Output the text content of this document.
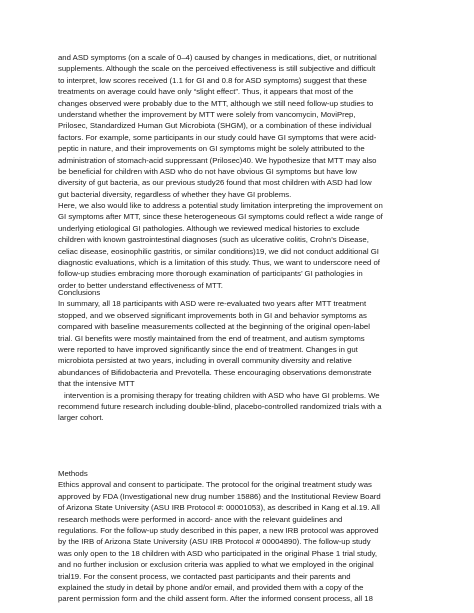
and ASD symptoms (on a scale of 0–4) caused by changes in medications, diet, or nutritional
supplements. Although the scale on the perceived effectiveness is still subjective and difficult
to interpret, low scores received (1.1 for GI and 0.8 for ASD symptoms) suggest that these
treatments on average could have only “slight effect”. Thus, it appears that most of the
changes observed were probably due to the MTT, although we still need follow-up studies to
understand whether the improvement by MTT were solely from vancomycin, MoviPrep,
Prilosec, Standardized Human Gut Microbiota (SHGM), or a combination of these individual
factors. For example, some participants in our study could have GI symptoms that were acid-
peptic in nature, and their improvements on GI symptoms might be solely attributed to the
administration of stomach-acid suppressant (Prilosec)40. We hypothesize that MTT may also
be beneficial for children with ASD who do not have obvious GI symptoms but have low
diversity of gut bacteria, as our previous study26 found that most children with ASD had low
gut bacterial diversity, regardless of whether they have GI problems.
Here, we also would like to address a potential study limitation interpreting the improvement on
GI symptoms after MTT, since these heterogeneous GI symptoms could reflect a wide range of
underlying etiological GI pathologies. Although we reviewed medical histories to exclude
children with known gastrointestinal diagnoses (such as ulcerative colitis, Crohn’s Disease,
celiac disease, eosinophilic gastritis, or similar conditions)19, we did not conduct additional GI
diagnostic evaluations, which is a limitation of this study. Thus, we want to underscore need of
follow-up studies embracing more thorough examination of participants’ GI pathologies in
order to better understand effectiveness of MTT.
Conclusions
In summary, all 18 participants with ASD were re-evaluated two years after MTT treatment
stopped, and we observed significant improvements both in GI and behavior symptoms as
compared with baseline measurements collected at the beginning of the original open-label
trial. GI benefits were mostly maintained from the end of treatment, and autism symptoms
were reported to have improved significantly since the end of treatment. Changes in gut
microbiota persisted at two years, including in overall community diversity and relative
abundances of Bifidobacteria and Prevotella. These encouraging observations demonstrate
that the intensive MTT
intervention is a promising therapy for treating children with ASD who have GI problems. We
recommend future research including double-blind, placebo-controlled randomized trials with a
larger cohort.
Methods
Ethics approval and consent to participate. The protocol for the original treatment study was
approved by FDA (Investigational new drug number 15886) and the Institutional Review Board
of Arizona State University (ASU IRB Protocol #: 00001053), as described in Kang et al.19. All
research methods were performed in accord- ance with the relevant guidelines and
regulations. For the follow-up study described in this paper, a new IRB protocol was approved
by the IRB of Arizona State University (ASU IRB Protocol # 00004890). The follow-up study
was only open to the 18 children with ASD who participated in the original Phase 1 trial study,
and no further inclusion or exclusion criteria was applied to what we employed in the original
trial19. For the consent process, we contacted past participants and their parents and
explained the study in detail by phone and/or email, and provided them with a copy of the
parent permission form and the child assent form. After the informed consent process, all 18
